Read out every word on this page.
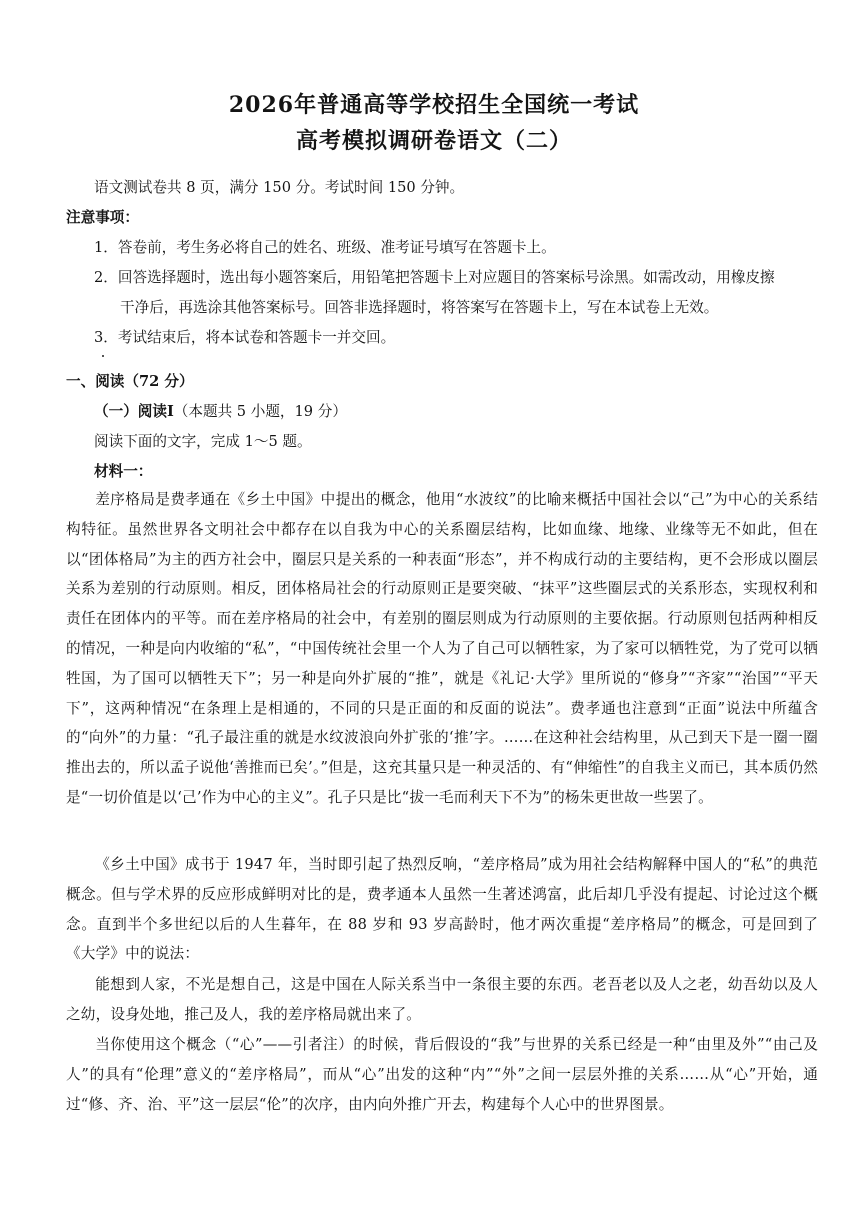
2026年普通高等学校招生全国统一考试
高考模拟调研卷语文（二）
语文测试卷共 8 页，满分 150 分。考试时间 150 分钟。
注意事项：
1．答卷前，考生务必将自己的姓名、班级、准考证号填写在答题卡上。
2．回答选择题时，选出每小题答案后，用铅笔把答题卡上对应题目的答案标号涂黑。如需改动，用橡皮擦
干净后，再选涂其他答案标号。回答非选择题时，将答案写在答题卡上，写在本试卷上无效。
3．考试结束后，将本试卷和答题卡一并交回。
一、阅读（72 分）
（一）阅读Ⅰ（本题共 5 小题，19 分）
阅读下面的文字，完成 1～5 题。
材料一：
差序格局是费孝通在《乡土中国》中提出的概念，他用“水波纹”的比喻来概括中国社会以“己”为中心的关系结构特征。虽然世界各文明社会中都存在以自我为中心的关系圈层结构，比如血缘、地缘、业缘等无不如此，但在以“团体格局”为主的西方社会中，圈层只是关系的一种表面“形态”，并不构成行动的主要结构，更不会形成以圈层关系为差别的行动原则。相反，团体格局社会的行动原则正是要突破、“抹平”这些圈层式的关系形态，实现权利和责任在团体内的平等。而在差序格局的社会中，有差别的圈层则成为行动原则的主要依据。行动原则包括两种相反的情况，一种是向内收缩的“私”，“中国传统社会里一个人为了自己可以牺牲家，为了家可以牺牲党，为了党可以牺牲国，为了国可以牺牲天下”；另一种是向外扩展的“推”，就是《礼记·大学》里所说的“修身”“齐家”“治国”“平天下”，这两种情况“在条理上是相通的，不同的只是正面的和反面的说法”。费孝通也注意到“正面”说法中所蕴含的“向外”的力量：“孔子最注重的就是水纹波浪向外扩张的‘推’字。……在这种社会结构里，从己到天下是一圈一圈推出去的，所以孟子说他‘善推而已矣’。”但是，这充其量只是一种灵活的、有“伸缩性”的自我主义而已，其本质仍然是“一切价值是以‘己’作为中心的主义”。孔子只是比“拔一毛而利天下不为”的杨朱更世故一些罢了。
《乡土中国》成书于 1947 年，当时即引起了热烈反响，“差序格局”成为用社会结构解释中国人的“私”的典范概念。但与学术界的反应形成鲜明对比的是，费孝通本人虽然一生著述鸿富，此后却几乎没有提起、讨论过这个概念。直到半个多世纪以后的人生暮年，在 88 岁和 93 岁高龄时，他才两次重提“差序格局”的概念，可是回到了《大学》中的说法：
能想到人家，不光是想自己，这是中国在人际关系当中一条很主要的东西。老吾老以及人之老，幼吾幼以及人之幼，设身处地，推己及人，我的差序格局就出来了。
当你使用这个概念（“心”——引者注）的时候，背后假设的“我”与世界的关系已经是一种“由里及外”“由己及人”的具有“伦理”意义的“差序格局”，而从“心”出发的这种“内”“外”之间一层层外推的关系……从“心”开始，通过“修、齐、治、平”这一层层“伦”的次序，由内向外推广开去，构建每个人心中的世界图景。
